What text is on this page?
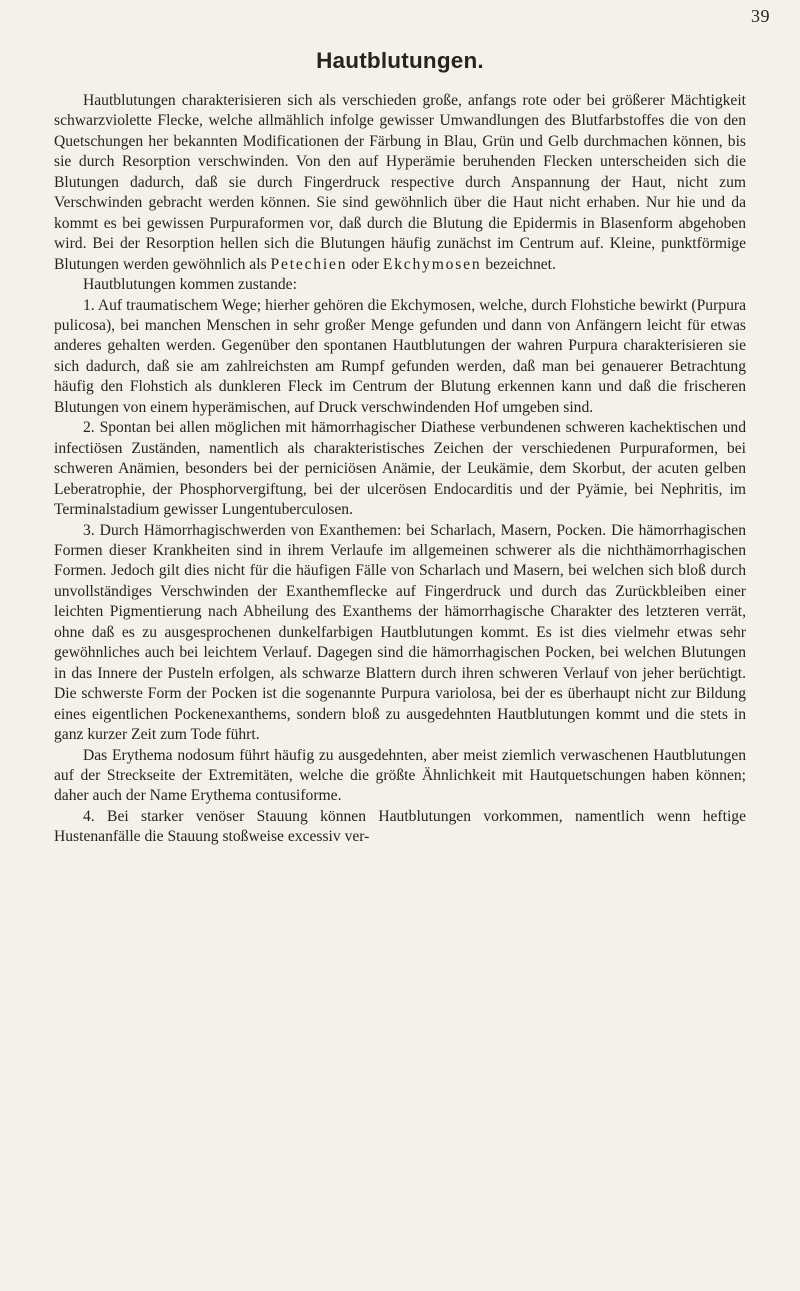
39
Hautblutungen.

Hautblutungen charakterisieren sich als verschieden große, anfangs rote oder bei größerer Mächtigkeit schwarzviolette Flecke, welche allmählich infolge gewisser Umwandlungen des Blutfarbstoffes die von den Quetschungen her bekannten Modificationen der Färbung in Blau, Grün und Gelb durchmachen können, bis sie durch Resorption verschwinden. Von den auf Hyperämie beruhenden Flecken unterscheiden sich die Blutungen dadurch, daß sie durch Fingerdruck respective durch Anspannung der Haut, nicht zum Verschwinden gebracht werden können. Sie sind gewöhnlich über die Haut nicht erhaben. Nur hie und da kommt es bei gewissen Purpuraformen vor, daß durch die Blutung die Epidermis in Blasenform abgehoben wird. Bei der Resorption hellen sich die Blutungen häufig zunächst im Centrum auf. Kleine, punktförmige Blutungen werden gewöhnlich als Petechien oder Ekchymosen bezeichnet.

Hautblutungen kommen zustande:

1. Auf traumatischem Wege; hierher gehören die Ekchymosen, welche, durch Flohstiche bewirkt (Purpura pulicosa), bei manchen Menschen in sehr großer Menge gefunden und dann von Anfängern leicht für etwas anderes gehalten werden. Gegenüber den spontanen Hautblutungen der wahren Purpura charakterisieren sie sich dadurch, daß sie am zahlreichsten am Rumpf gefunden werden, daß man bei genauerer Betrachtung häufig den Flohstich als dunkleren Fleck im Centrum der Blutung erkennen kann und daß die frischeren Blutungen von einem hyperämischen, auf Druck verschwindenden Hof umgeben sind.

2. Spontan bei allen möglichen mit hämorrhagischer Diathese verbundenen schweren kachektischen und infectiösen Zuständen, namentlich als charakteristisches Zeichen der verschiedenen Purpuraformen, bei schweren Anämien, besonders bei der perniciösen Anämie, der Leukämie, dem Skorbut, der acuten gelben Leberatrophie, der Phosphorvergiftung, bei der ulcerösen Endocarditis und der Pyämie, bei Nephritis, im Terminalstadium gewisser Lungentuberculosen.

3. Durch Hämorrhagischwerden von Exanthemen: bei Scharlach, Masern, Pocken. Die hämorrhagischen Formen dieser Krankheiten sind in ihrem Verlaufe im allgemeinen schwerer als die nichthämorrhagischen Formen. Jedoch gilt dies nicht für die häufigen Fälle von Scharlach und Masern, bei welchen sich bloß durch unvollständiges Verschwinden der Exanthemflecke auf Fingerdruck und durch das Zurückbleiben einer leichten Pigmentierung nach Abheilung des Exanthems der hämorrhagische Charakter des letzteren verrät, ohne daß es zu ausgesprochenen dunkelfarbigen Hautblutungen kommt. Es ist dies vielmehr etwas sehr gewöhnliches auch bei leichtem Verlauf. Dagegen sind die hämorrhagischen Pocken, bei welchen Blutungen in das Innere der Pusteln erfolgen, als schwarze Blattern durch ihren schweren Verlauf von jeher berüchtigt. Die schwerste Form der Pocken ist die sogenannte Purpura variolosa, bei der es überhaupt nicht zur Bildung eines eigentlichen Pockenexanthems, sondern bloß zu ausgedehnten Hautblutungen kommt und die stets in ganz kurzer Zeit zum Tode führt.

Das Erythema nodosum führt häufig zu ausgedehnten, aber meist ziemlich verwaschenen Hautblutungen auf der Streckseite der Extremitäten, welche die größte Ähnlichkeit mit Hautquetschungen haben können; daher auch der Name Erythema contusiforme.

4. Bei starker venöser Stauung können Hautblutungen vorkommen, namentlich wenn heftige Hustenanfälle die Stauung stoßweise excessiv ver-
